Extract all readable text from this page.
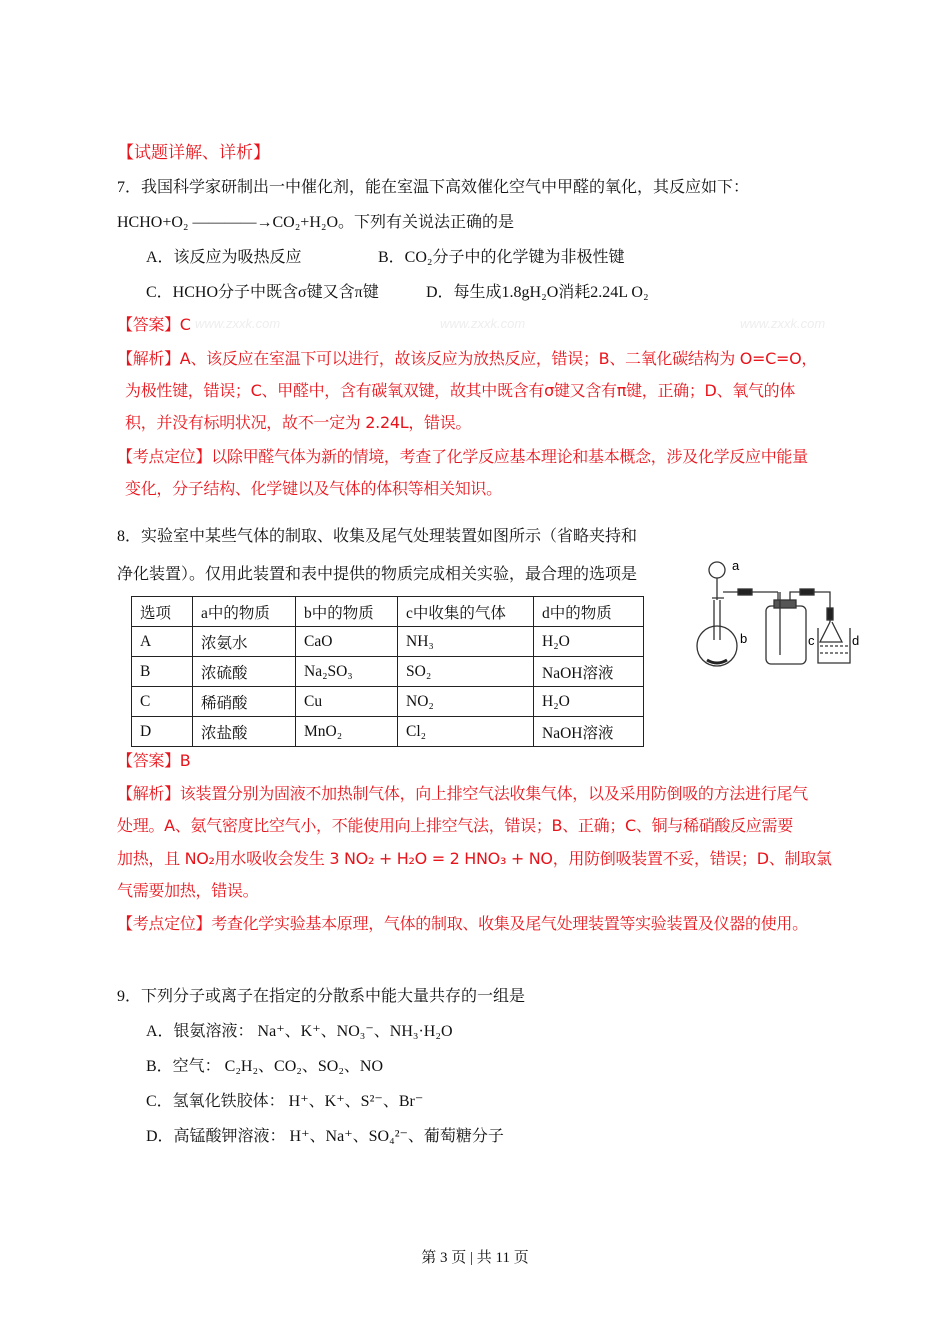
www.zxxk.com	www.zxxk.com	www.zxxk.com
【试题详解、详析】
7．我国科学家研制出一中催化剂，能在室温下高效催化空气中甲醛的氧化，其反应如下：
HCHO+O₂ ————→CO₂+H₂O。下列有关说法正确的是
A．该反应为吸热反应	B．CO₂分子中的化学键为非极性键
C．HCHO分子中既含σ键又含π键	D．每生成1.8gH₂O消耗2.24L O₂
【答案】C
【解析】A、该反应在室温下可以进行，故该反应为放热反应，错误；B、二氧化碳结构为 O=C=O，
为极性键，错误；C、甲醛中，含有碳氧双键，故其中既含有σ键又含有π键，正确；D、氧气的体
积，并没有标明状况，故不一定为 2.24L，错误。
【考点定位】以除甲醛气体为新的情境，考查了化学反应基本理论和基本概念，涉及化学反应中能量
变化，分子结构、化学键以及气体的体积等相关知识。
8．实验室中某些气体的制取、收集及尾气处理装置如图所示（省略夹持和
净化装置）。仅用此装置和表中提供的物质完成相关实验，最合理的选项是
a
b	c	d
选项	a中的物质	b中的物质	c中收集的气体	d中的物质
A	浓氨水	CaO	NH₃	H₂O
B	浓硫酸	Na₂SO₃	SO₂	NaOH溶液
C	稀硝酸	Cu	NO₂	H₂O
D	浓盐酸	MnO₂	Cl₂	NaOH溶液
【答案】B
【解析】该装置分别为固液不加热制气体，向上排空气法收集气体，以及采用防倒吸的方法进行尾气
处理。A、氨气密度比空气小，不能使用向上排空气法，错误；B、正确；C、铜与稀硝酸反应需要
加热，且 NO₂用水吸收会发生 3 NO₂ + H₂O = 2 HNO₃ + NO，用防倒吸装置不妥，错误；D、制取氯
气需要加热，错误。
【考点定位】考查化学实验基本原理，气体的制取、收集及尾气处理装置等实验装置及仪器的使用。
9．下列分子或离子在指定的分散系中能大量共存的一组是
A．银氨溶液： Na⁺、K⁺、NO₃⁻、NH₃·H₂O
B．空气： C₂H₂、CO₂、SO₂、NO
C．氢氧化铁胶体： H⁺、K⁺、S²⁻、Br⁻
D．高锰酸钾溶液： H⁺、Na⁺、SO₄²⁻、葡萄糖分子
第 3 页 | 共 11 页
